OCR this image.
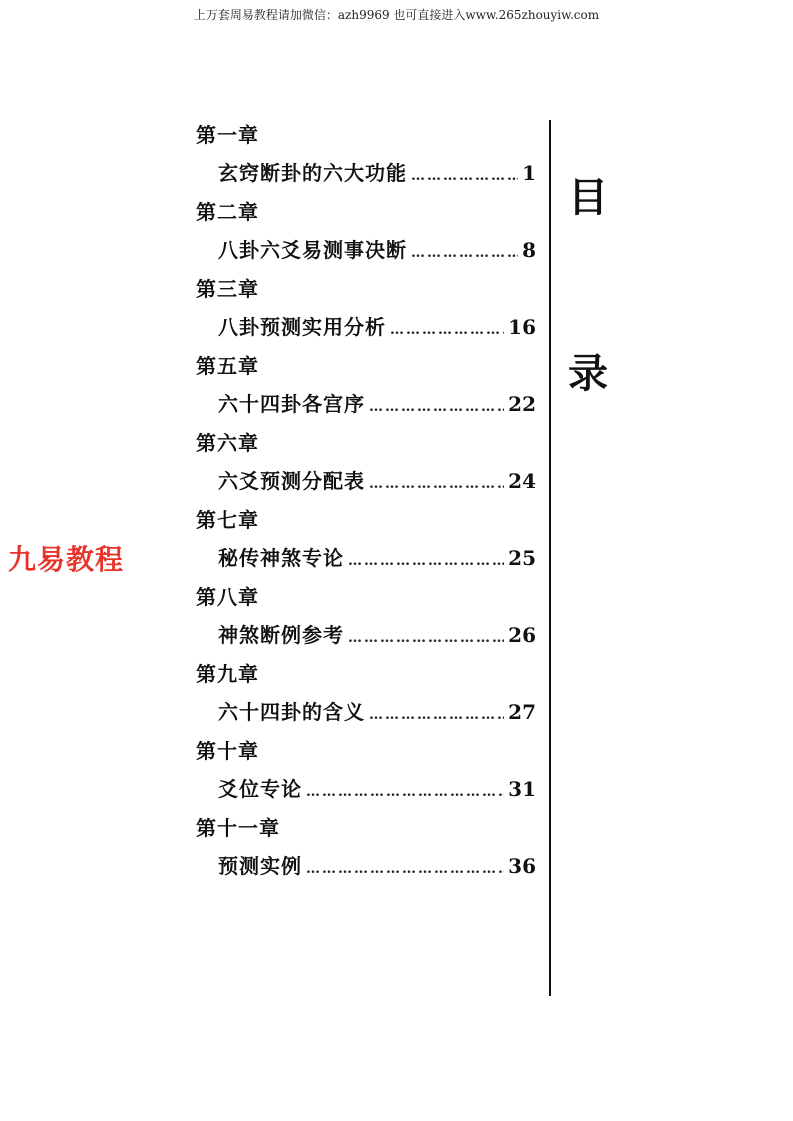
上万套周易教程请加微信：azh9969 也可直接进入www.265zhouyiw.com
第一章
玄窍断卦的六大功能 …………………………………………………………………………	1
第二章
八卦六爻易测事决断 …………………………………………………………………………	8
第三章
八卦预测实用分析 …………………………………………………………………………	16
第五章
六十四卦各宫序 …………………………………………………………………………	22
第六章
六爻预测分配表 …………………………………………………………………………	24
第七章
秘传神煞专论 …………………………………………………………………………	25
第八章
神煞断例参考 …………………………………………………………………………	26
第九章
六十四卦的含义 …………………………………………………………………………	27
第十章
爻位专论 …………………………………………………………………………	31
第十一章
预测实例 …………………………………………………………………………	36
目
录
九易教程
